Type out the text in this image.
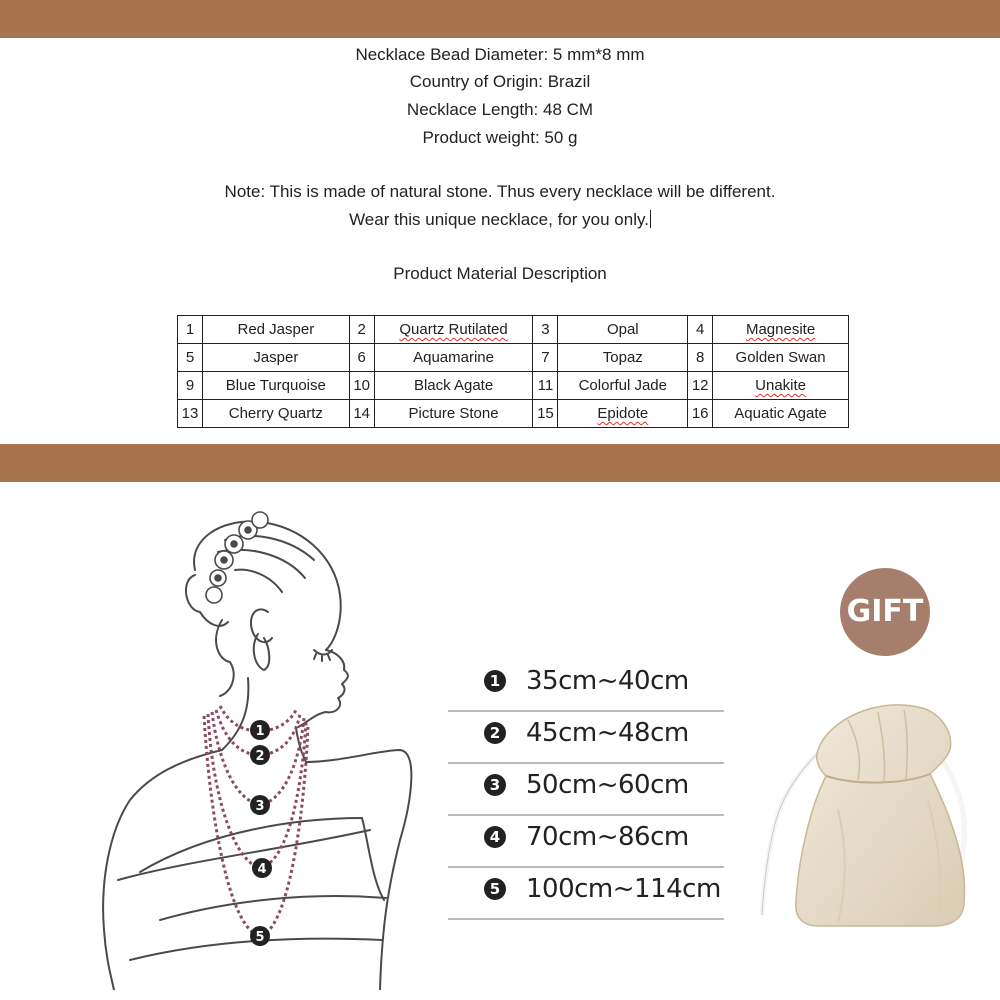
Necklace Bead Diameter: 5 mm*8 mm
Country of Origin: Brazil
Necklace Length: 48 CM
Product weight: 50 g
Note: This is made of natural stone. Thus every necklace will be different.
Wear this unique necklace, for you only.
Product Material Description
1	Red Jasper	2	Quartz Rutilated	3	Opal	4	Magnesite
5	Jasper	6	Aquamarine	7	Topaz	8	Golden Swan
9	Blue Turquoise	10	Black Agate	11	Colorful Jade	12	Unakite
13	Cherry Quartz	14	Picture Stone	15	Epidote	16	Aquatic Agate
1
2
3
4
5
1 35cm~40cm
2 45cm~48cm
3 50cm~60cm
4 70cm~86cm
5 100cm~114cm
GIFT
